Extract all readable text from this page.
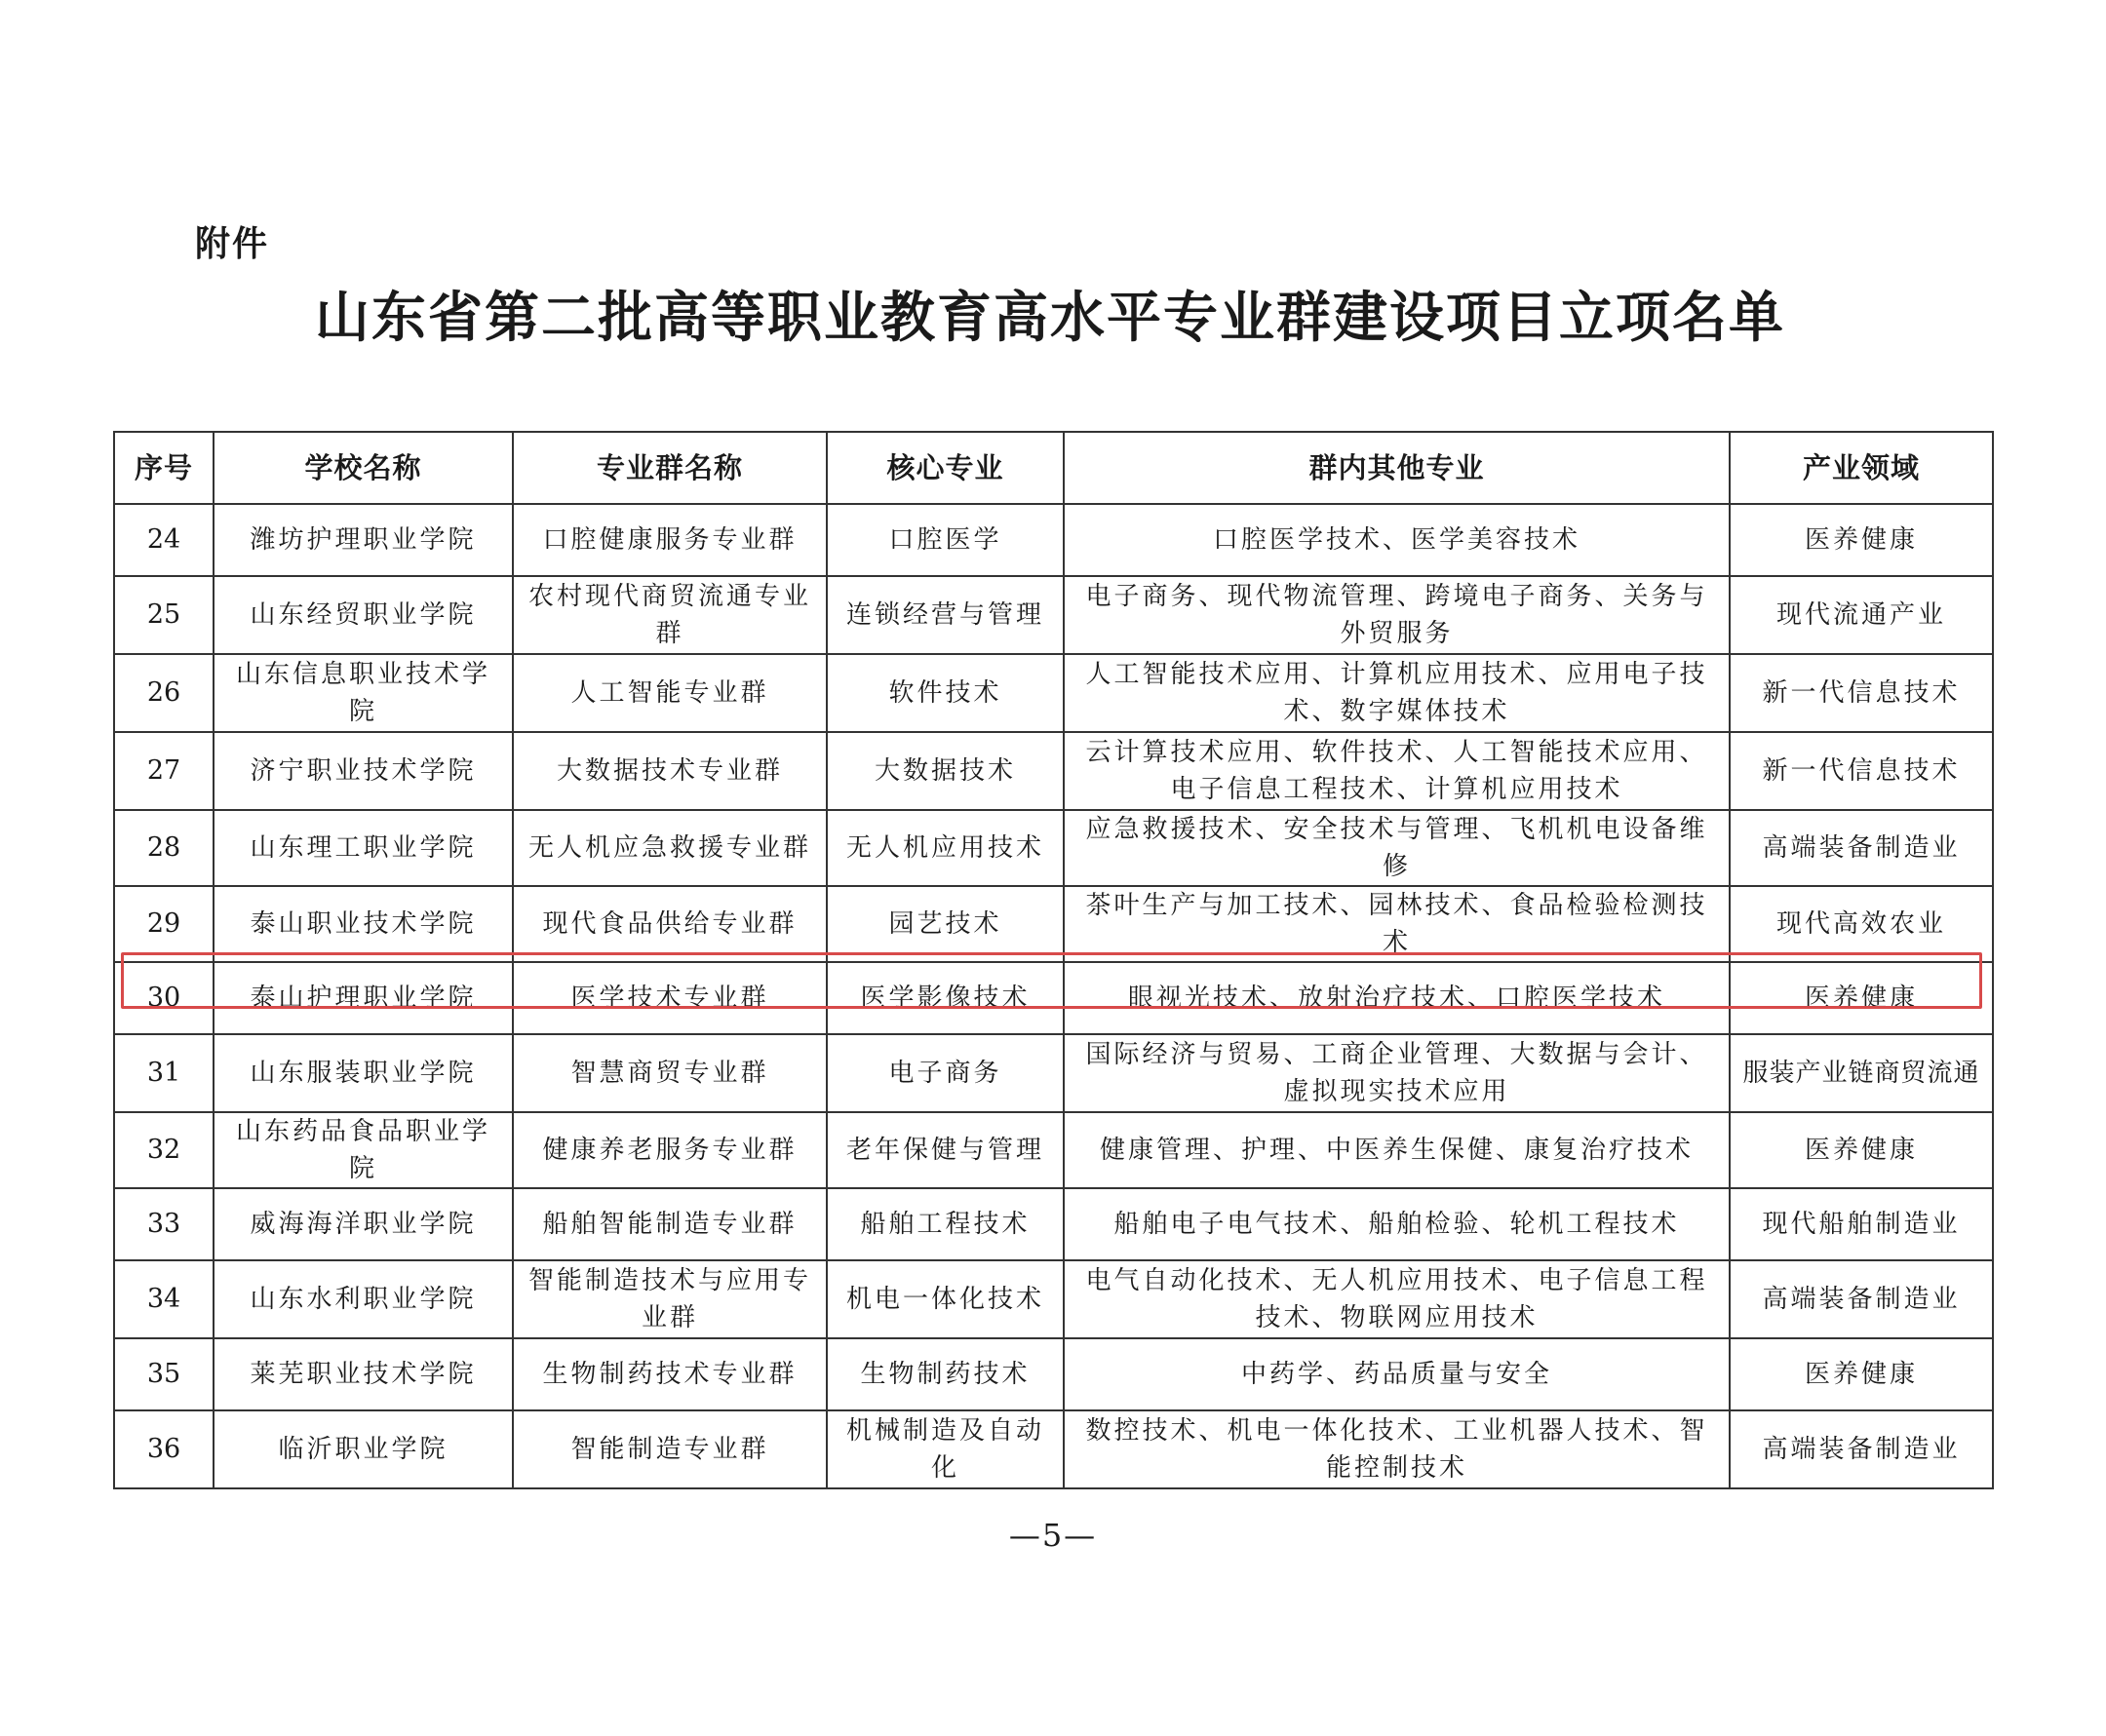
附件
山东省第二批高等职业教育高水平专业群建设项目立项名单
序号	学校名称	专业群名称	核心专业	群内其他专业	产业领域
24	潍坊护理职业学院	口腔健康服务专业群	口腔医学	口腔医学技术、医学美容技术	医养健康
25	山东经贸职业学院	农村现代商贸流通专业群	连锁经营与管理	电子商务、现代物流管理、跨境电子商务、关务与外贸服务	现代流通产业
26	山东信息职业技术学院	人工智能专业群	软件技术	人工智能技术应用、计算机应用技术、应用电子技术、数字媒体技术	新一代信息技术
27	济宁职业技术学院	大数据技术专业群	大数据技术	云计算技术应用、软件技术、人工智能技术应用、电子信息工程技术、计算机应用技术	新一代信息技术
28	山东理工职业学院	无人机应急救援专业群	无人机应用技术	应急救援技术、安全技术与管理、飞机机电设备维修	高端装备制造业
29	泰山职业技术学院	现代食品供给专业群	园艺技术	茶叶生产与加工技术、园林技术、食品检验检测技术	现代高效农业
30	泰山护理职业学院	医学技术专业群	医学影像技术	眼视光技术、放射治疗技术、口腔医学技术	医养健康
31	山东服装职业学院	智慧商贸专业群	电子商务	国际经济与贸易、工商企业管理、大数据与会计、虚拟现实技术应用	服装产业链商贸流通
32	山东药品食品职业学院	健康养老服务专业群	老年保健与管理	健康管理、护理、中医养生保健、康复治疗技术	医养健康
33	威海海洋职业学院	船舶智能制造专业群	船舶工程技术	船舶电子电气技术、船舶检验、轮机工程技术	现代船舶制造业
34	山东水利职业学院	智能制造技术与应用专业群	机电一体化技术	电气自动化技术、无人机应用技术、电子信息工程技术、物联网应用技术	高端装备制造业
35	莱芜职业技术学院	生物制药技术专业群	生物制药技术	中药学、药品质量与安全	医养健康
36	临沂职业学院	智能制造专业群	机械制造及自动化	数控技术、机电一体化技术、工业机器人技术、智能控制技术	高端装备制造业
—5—
